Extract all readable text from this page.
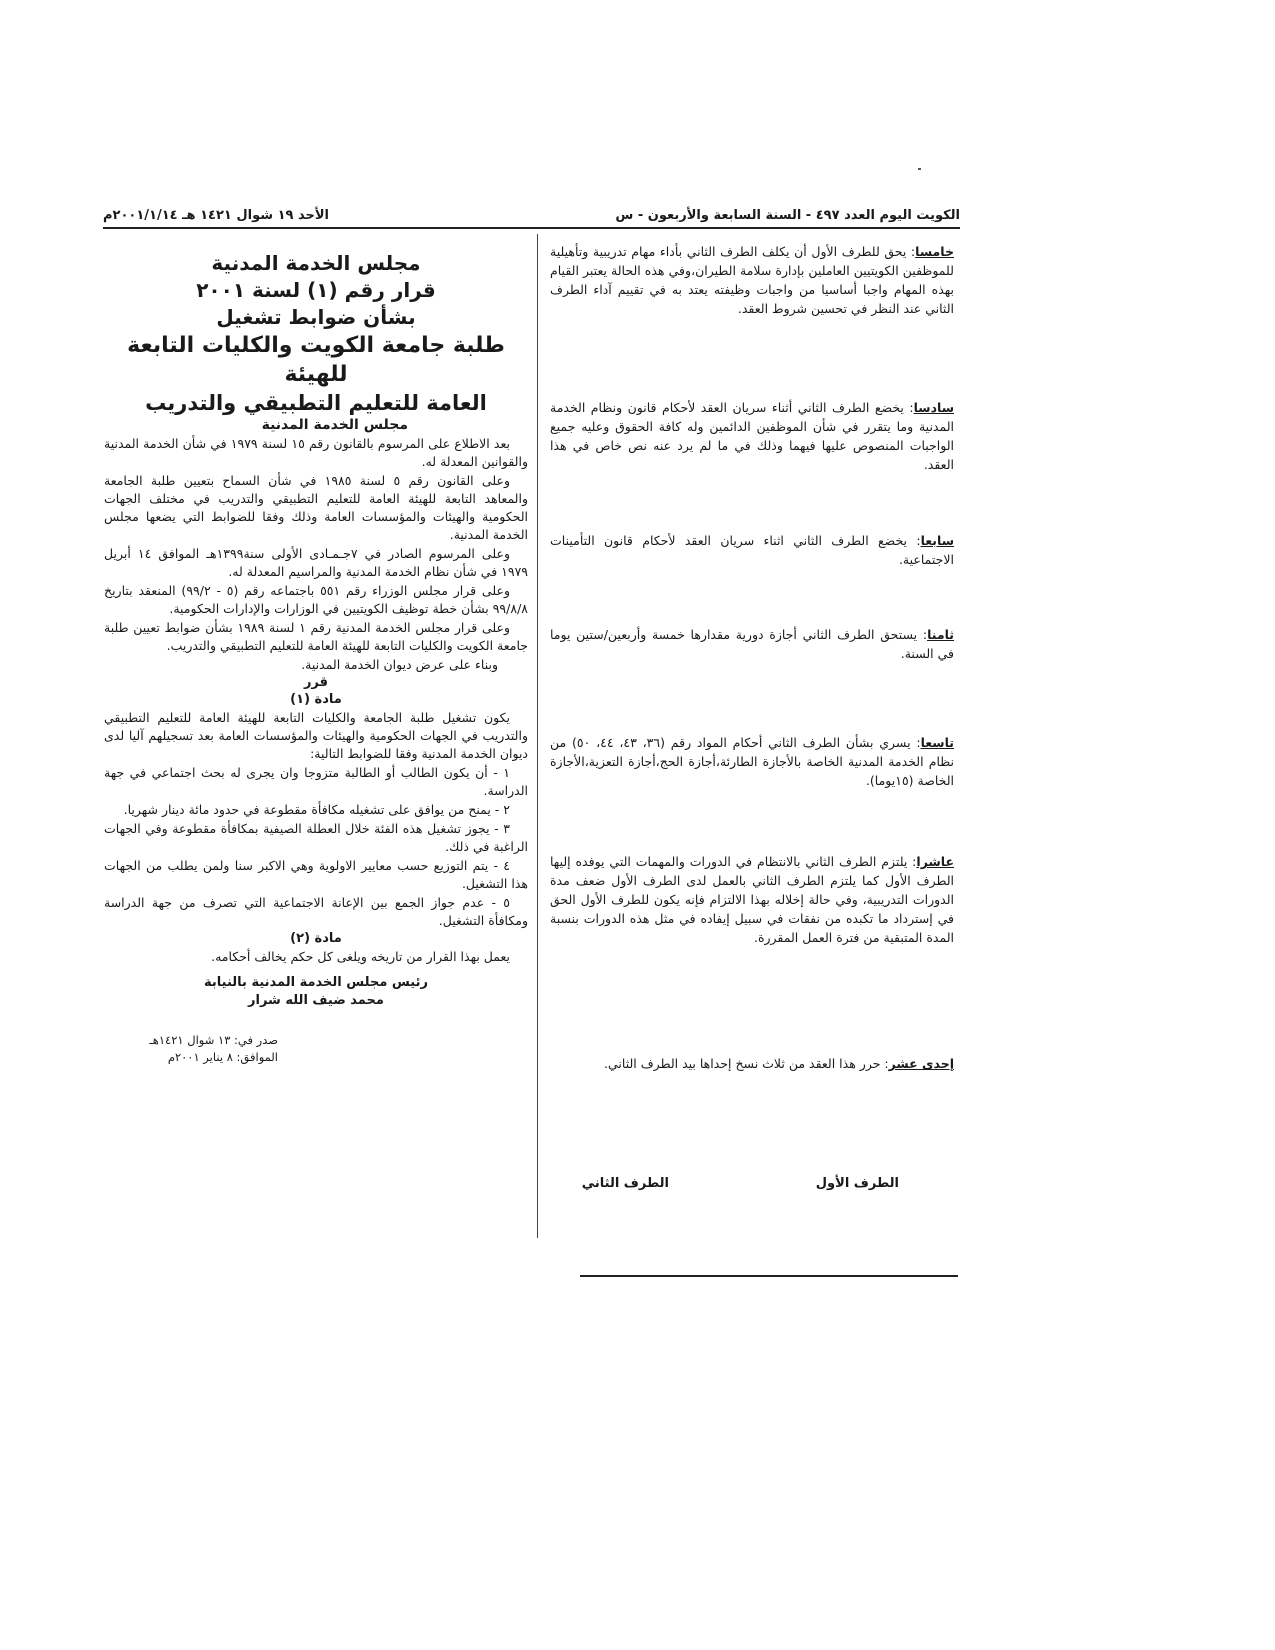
الكويت اليوم العدد ٤٩٧ - السنة السابعة والأربعون - س
الأحد ١٩ شوال ١٤٢١ هـ ٢٠٠١/١/١٤م
مجلس الخدمة المدنية
قرار رقم (١) لسنة ٢٠٠١
بشأن ضوابط تشغيل
طلبة جامعة الكويت والكليات التابعة للهيئة
العامة للتعليم التطبيقي والتدريب
مجلس الخدمة المدنية

بعد الاطلاع على المرسوم بالقانون رقم ١٥ لسنة ١٩٧٩ في شأن الخدمة المدنية والقوانين المعدلة له.

وعلى القانون رقم ٥ لسنة ١٩٨٥ في شأن السماح بتعيين طلبة الجامعة والمعاهد التابعة للهيئة العامة للتعليم التطبيقي والتدريب في مختلف الجهات الحكومية والهيئات والمؤسسات العامة وذلك وفقا للضوابط التي يضعها مجلس الخدمة المدنية.

وعلى المرسوم الصادر في ٧جـمـادى الأولى سنة١٣٩٩هـ الموافق ١٤ أبريل ١٩٧٩ في شأن نظام الخدمة المدنية والمراسيم المعدلة له.

وعلى قرار مجلس الوزراء رقم ٥٥١ باجتماعه رقم (٥ - ٩٩/٢) المنعقد بتاريخ ٩٩/٨/٨ بشأن خطة توظيف الكويتيين في الوزارات والإدارات الحكومية.

وعلى قرار مجلس الخدمة المدنية رقم ١ لسنة ١٩٨٩ بشأن ضوابط تعيين طلبة جامعة الكويت والكليات التابعة للهيئة العامة للتعليم التطبيقي والتدريب.

وبناء على عرض ديوان الخدمة المدنية.

قرر
مادة (١)

يكون تشغيل طلبة الجامعة والكليات التابعة للهيئة العامة للتعليم التطبيقي والتدريب في الجهات الحكومية والهيئات والمؤسسات العامة بعد تسجيلهم آليا لدى ديوان الخدمة المدنية وفقا للضوابط التالية:

١ - أن يكون الطالب أو الطالبة متزوجا وان يجرى له بحث اجتماعي في جهة الدراسة.

٢ - يمنح من يوافق على تشغيله مكافأة مقطوعة في حدود مائة دينار شهريا.

٣ - يجوز تشغيل هذه الفئة خلال العطلة الصيفية بمكافأة مقطوعة وفي الجهات الراغبة في ذلك.

٤ - يتم التوزيع حسب معايير الاولوية وهي الاكبر سنا ولمن يطلب من الجهات هذا التشغيل.

٥ - عدم جواز الجمع بين الإعانة الاجتماعية التي تصرف من جهة الدراسة ومكافأة التشغيل.

مادة (٢)

يعمل بهذا القرار من تاريخه ويلغى كل حكم يخالف أحكامه.

رئيس مجلس الخدمة المدنية بالنيابة
محمد ضيف الله شرار
صدر في: ١٣ شوال ١٤٢١هـ
الموافق: ٨ يناير ٢٠٠١م
خامسا: يحق للطرف الأول أن يكلف الطرف الثاني بأداء مهام تدريبية وتأهيلية للموظفين الكويتيين العاملين بإدارة سلامة الطيران،وفي هذه الحالة يعتبر القيام بهذه المهام واجبا أساسيا من واجبات وظيفته يعتد به في تقييم آداء الطرف الثاني عند النظر في تحسين شروط العقد.
سادسا: يخضع الطرف الثاني أثناء سريان العقد لأحكام قانون ونظام الخدمة المدنية وما يتقرر في شأن الموظفين الدائمين وله كافة الحقوق وعليه جميع الواجبات المنصوص عليها فيهما وذلك في ما لم يرد عنه نص خاص في هذا العقد.
سابعا: يخضع الطرف الثاني اثناء سريان العقد لأحكام قانون التأمينات الاجتماعية.
ثامنا: يستحق الطرف الثاني أجازة دورية مقدارها خمسة وأربعين/ستين يوما في السنة.
تاسعا: يسري بشأن الطرف الثاني أحكام المواد رقم (٣٦، ٤٣، ٤٤، ٥٠) من نظام الخدمة المدنية الخاصة بالأجازة الطارئة،أجازة الحج،أجازة التعزية،الأجازة الخاصة (١٥يوما).
عاشرا: يلتزم الطرف الثاني بالانتظام في الدورات والمهمات التي يوفده إليها الطرف الأول كما يلتزم الطرف الثاني بالعمل لدى الطرف الأول ضعف مدة الدورات التدريبية، وفي حالة إخلاله بهذا الالتزام فإنه يكون للطرف الأول الحق في إسترداد ما تكبده من نفقات في سبيل إيفاده في مثل هذه الدورات بنسبة المدة المتبقية من فترة العمل المقررة.
إحدى عشر: حرر هذا العقد من ثلاث نسخ إحداها بيد الطرف الثاني.
الطرف الأول
الطرف الثاني
